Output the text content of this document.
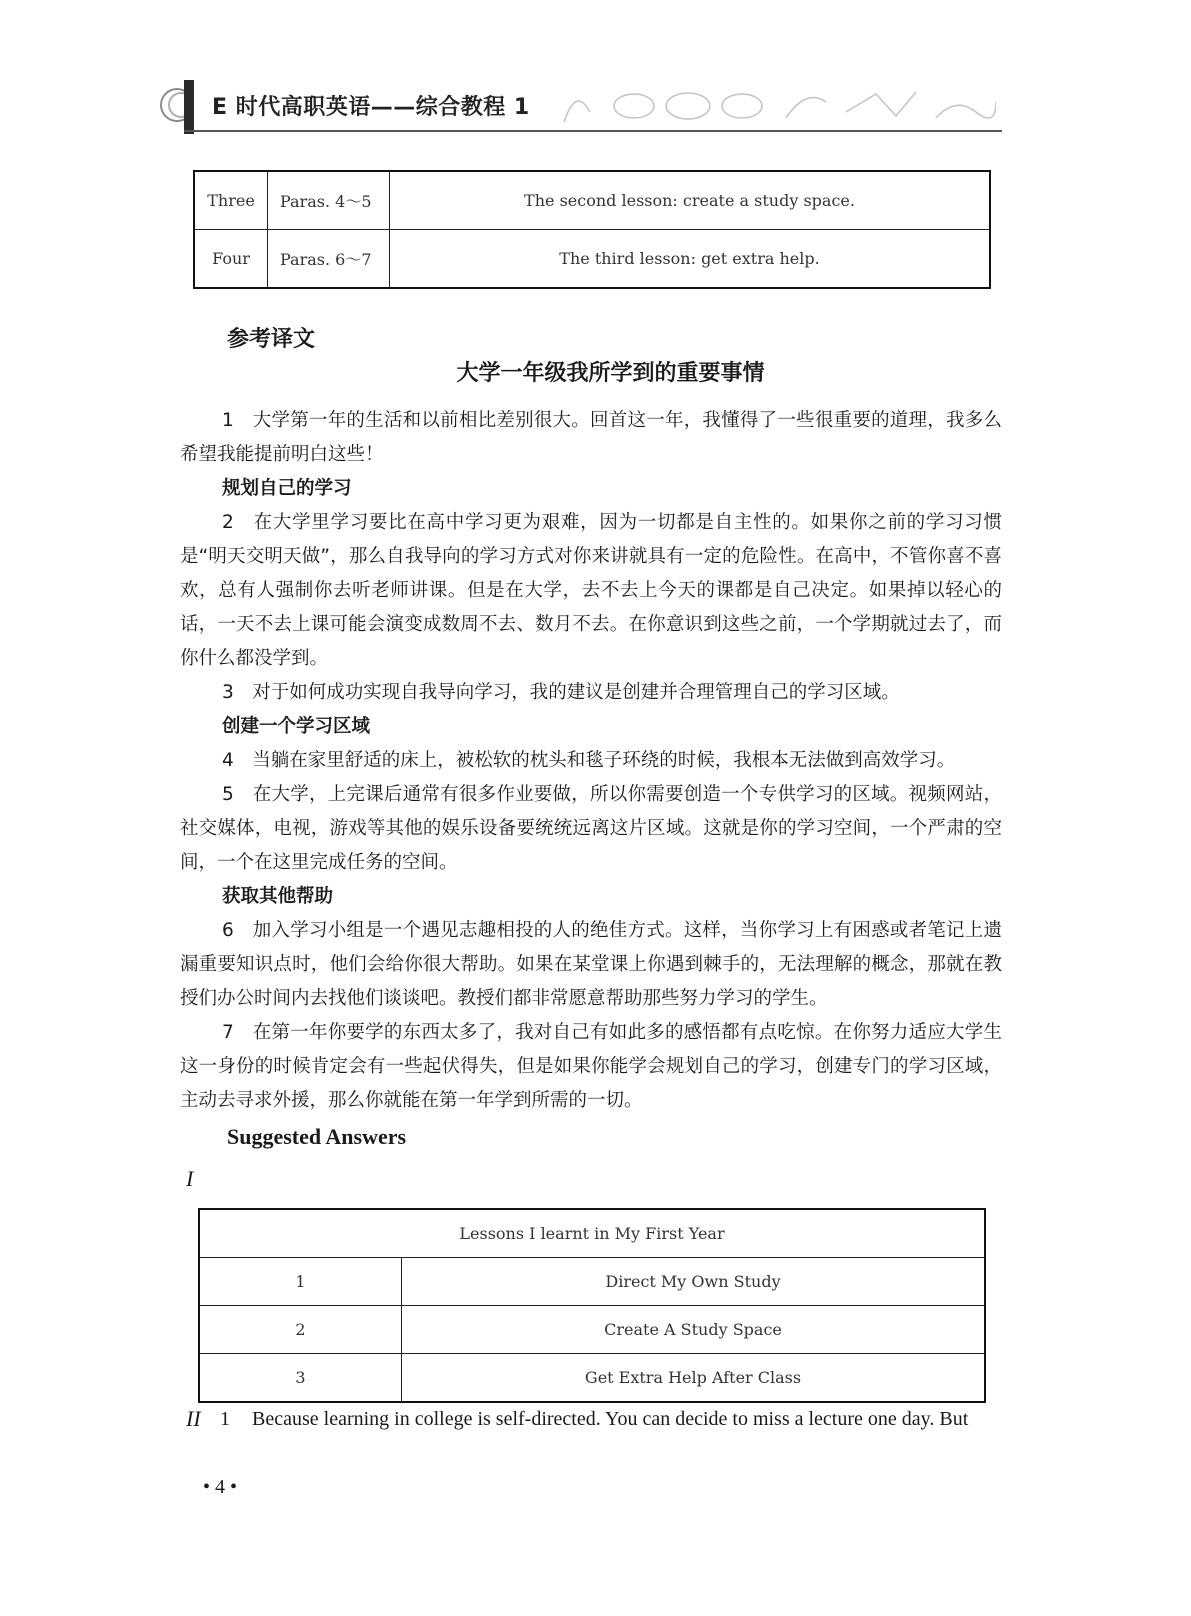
E 时代高职英语——综合教程 1
Three	Paras. 4～5	The second lesson: create a study space.
Four	Paras. 6～7	The third lesson: get extra help.
参考译文
大学一年级我所学到的重要事情

1　大学第一年的生活和以前相比差别很大。回首这一年，我懂得了一些很重要的道理，我多么希望我能提前明白这些！

规划自己的学习

2　在大学里学习要比在高中学习更为艰难，因为一切都是自主性的。如果你之前的学习习惯是“明天交明天做”，那么自我导向的学习方式对你来讲就具有一定的危险性。在高中，不管你喜不喜欢，总有人强制你去听老师讲课。但是在大学，去不去上今天的课都是自己决定。如果掉以轻心的话，一天不去上课可能会演变成数周不去、数月不去。在你意识到这些之前，一个学期就过去了，而你什么都没学到。

3　对于如何成功实现自我导向学习，我的建议是创建并合理管理自己的学习区域。

创建一个学习区域

4　当躺在家里舒适的床上，被松软的枕头和毯子环绕的时候，我根本无法做到高效学习。

5　在大学，上完课后通常有很多作业要做，所以你需要创造一个专供学习的区域。视频网站，社交媒体，电视，游戏等其他的娱乐设备要统统远离这片区域。这就是你的学习空间，一个严肃的空间，一个在这里完成任务的空间。

获取其他帮助

6　加入学习小组是一个遇见志趣相投的人的绝佳方式。这样，当你学习上有困惑或者笔记上遗漏重要知识点时，他们会给你很大帮助。如果在某堂课上你遇到棘手的，无法理解的概念，那就在教授们办公时间内去找他们谈谈吧。教授们都非常愿意帮助那些努力学习的学生。

7　在第一年你要学的东西太多了，我对自己有如此多的感悟都有点吃惊。在你努力适应大学生这一身份的时候肯定会有一些起伏得失，但是如果你能学会规划自己的学习，创建专门的学习区域，主动去寻求外援，那么你就能在第一年学到所需的一切。

Suggested Answers
I
Lessons I learnt in My First Year	
1	Direct My Own Study
2	Create A Study Space
3	Get Extra Help After Class
II 1 Because learning in college is self-directed. You can decide to miss a lecture one day. But
• 4 •
